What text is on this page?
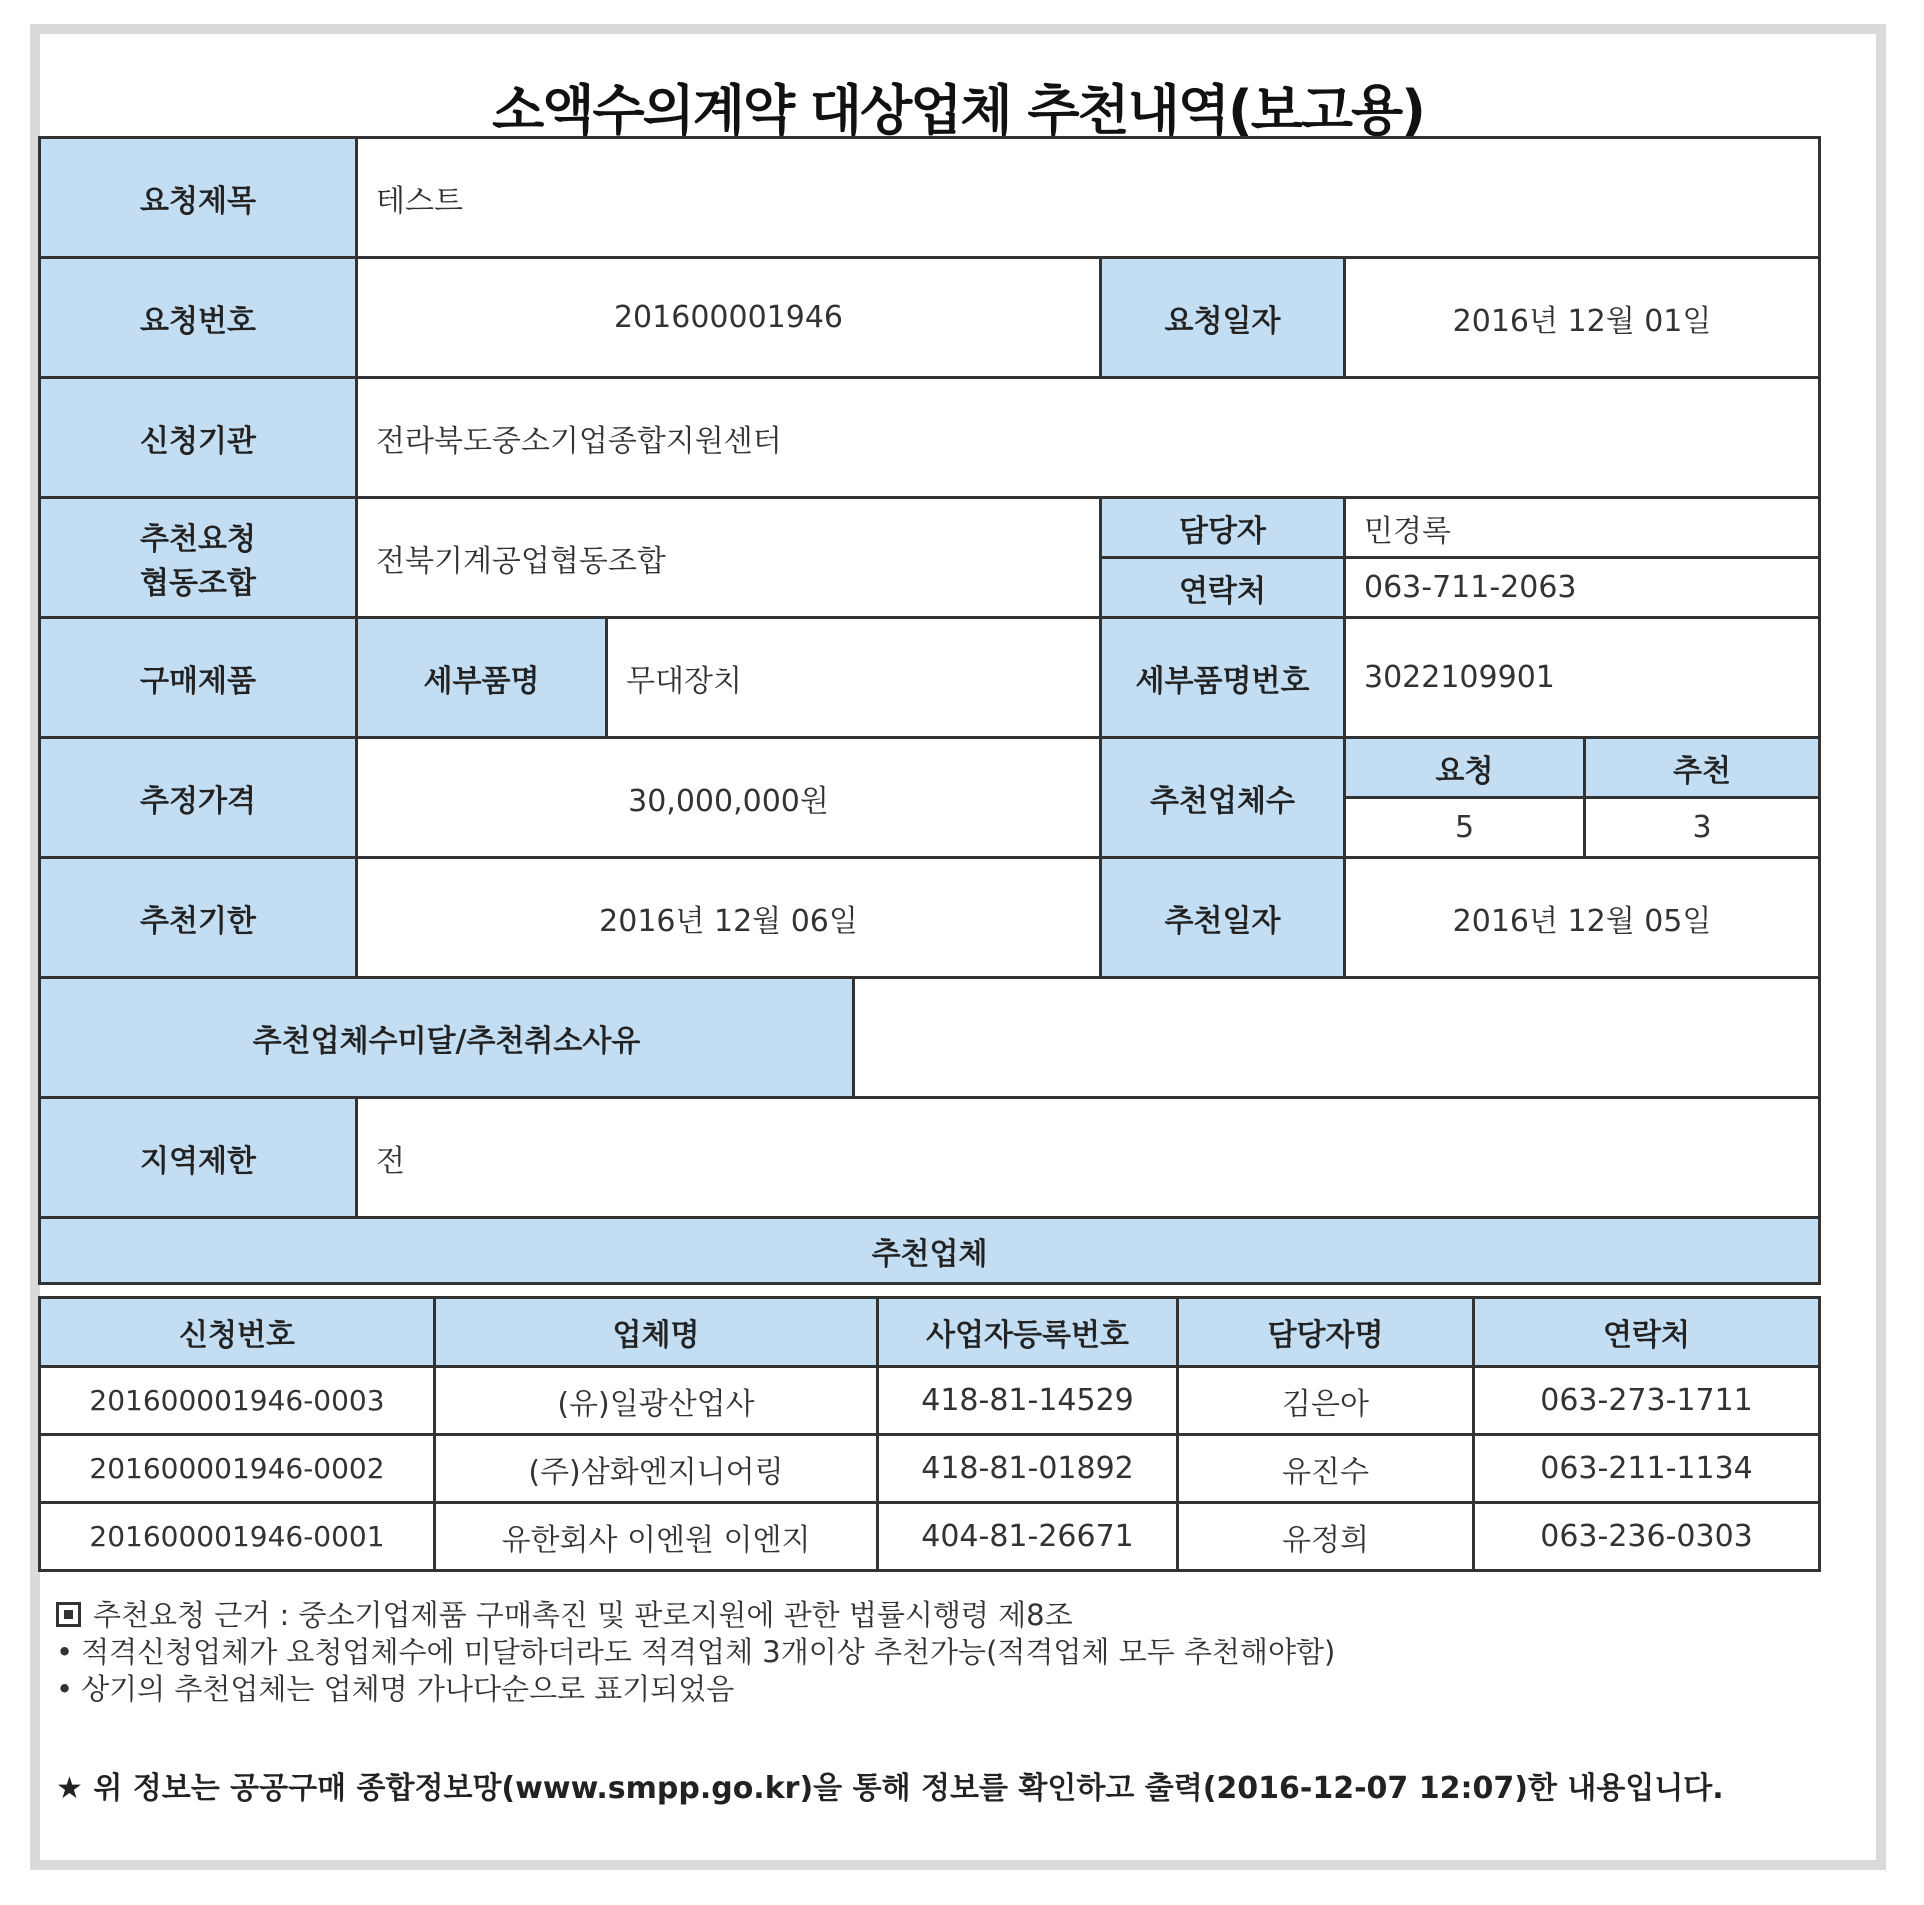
소액수의계약 대상업체 추천내역(보고용)
요청제목	테스트					
요청번호	201600001946			요청일자	2016년 12월 01일	
신청기관	전라북도중소기업종합지원센터					
추천요청
협동조합	전북기계공업협동조합			담당자	민경록	
				연락처	063-711-2063	
구매제품	세부품명	무대장치		세부품명번호	3022109901	
추정가격	30,000,000원			추천업체수	요청	추천
					5	3
추천기한	2016년 12월 06일			추천일자	2016년 12월 05일	
추천업체수미달/추천취소사유						
지역제한	전					
추천업체						
신청번호	업체명	사업자등록번호	담당자명	연락처
201600001946-0003	(유)일광산업사	418-81-14529	김은아	063-273-1711
201600001946-0002	(주)삼화엔지니어링	418-81-01892	유진수	063-211-1134
201600001946-0001	유한회사 이엔원 이엔지	404-81-26671	유정희	063-236-0303
추천요청 근거 : 중소기업제품 구매촉진 및 판로지원에 관한 법률시행령 제8조
• 적격신청업체가 요청업체수에 미달하더라도 적격업체 3개이상 추천가능(적격업체 모두 추천해야함)
• 상기의 추천업체는 업체명 가나다순으로 표기되었음
★ 위 정보는 공공구매 종합정보망(www.smpp.go.kr)을 통해 정보를 확인하고 출력(2016-12-07 12:07)한 내용입니다.
